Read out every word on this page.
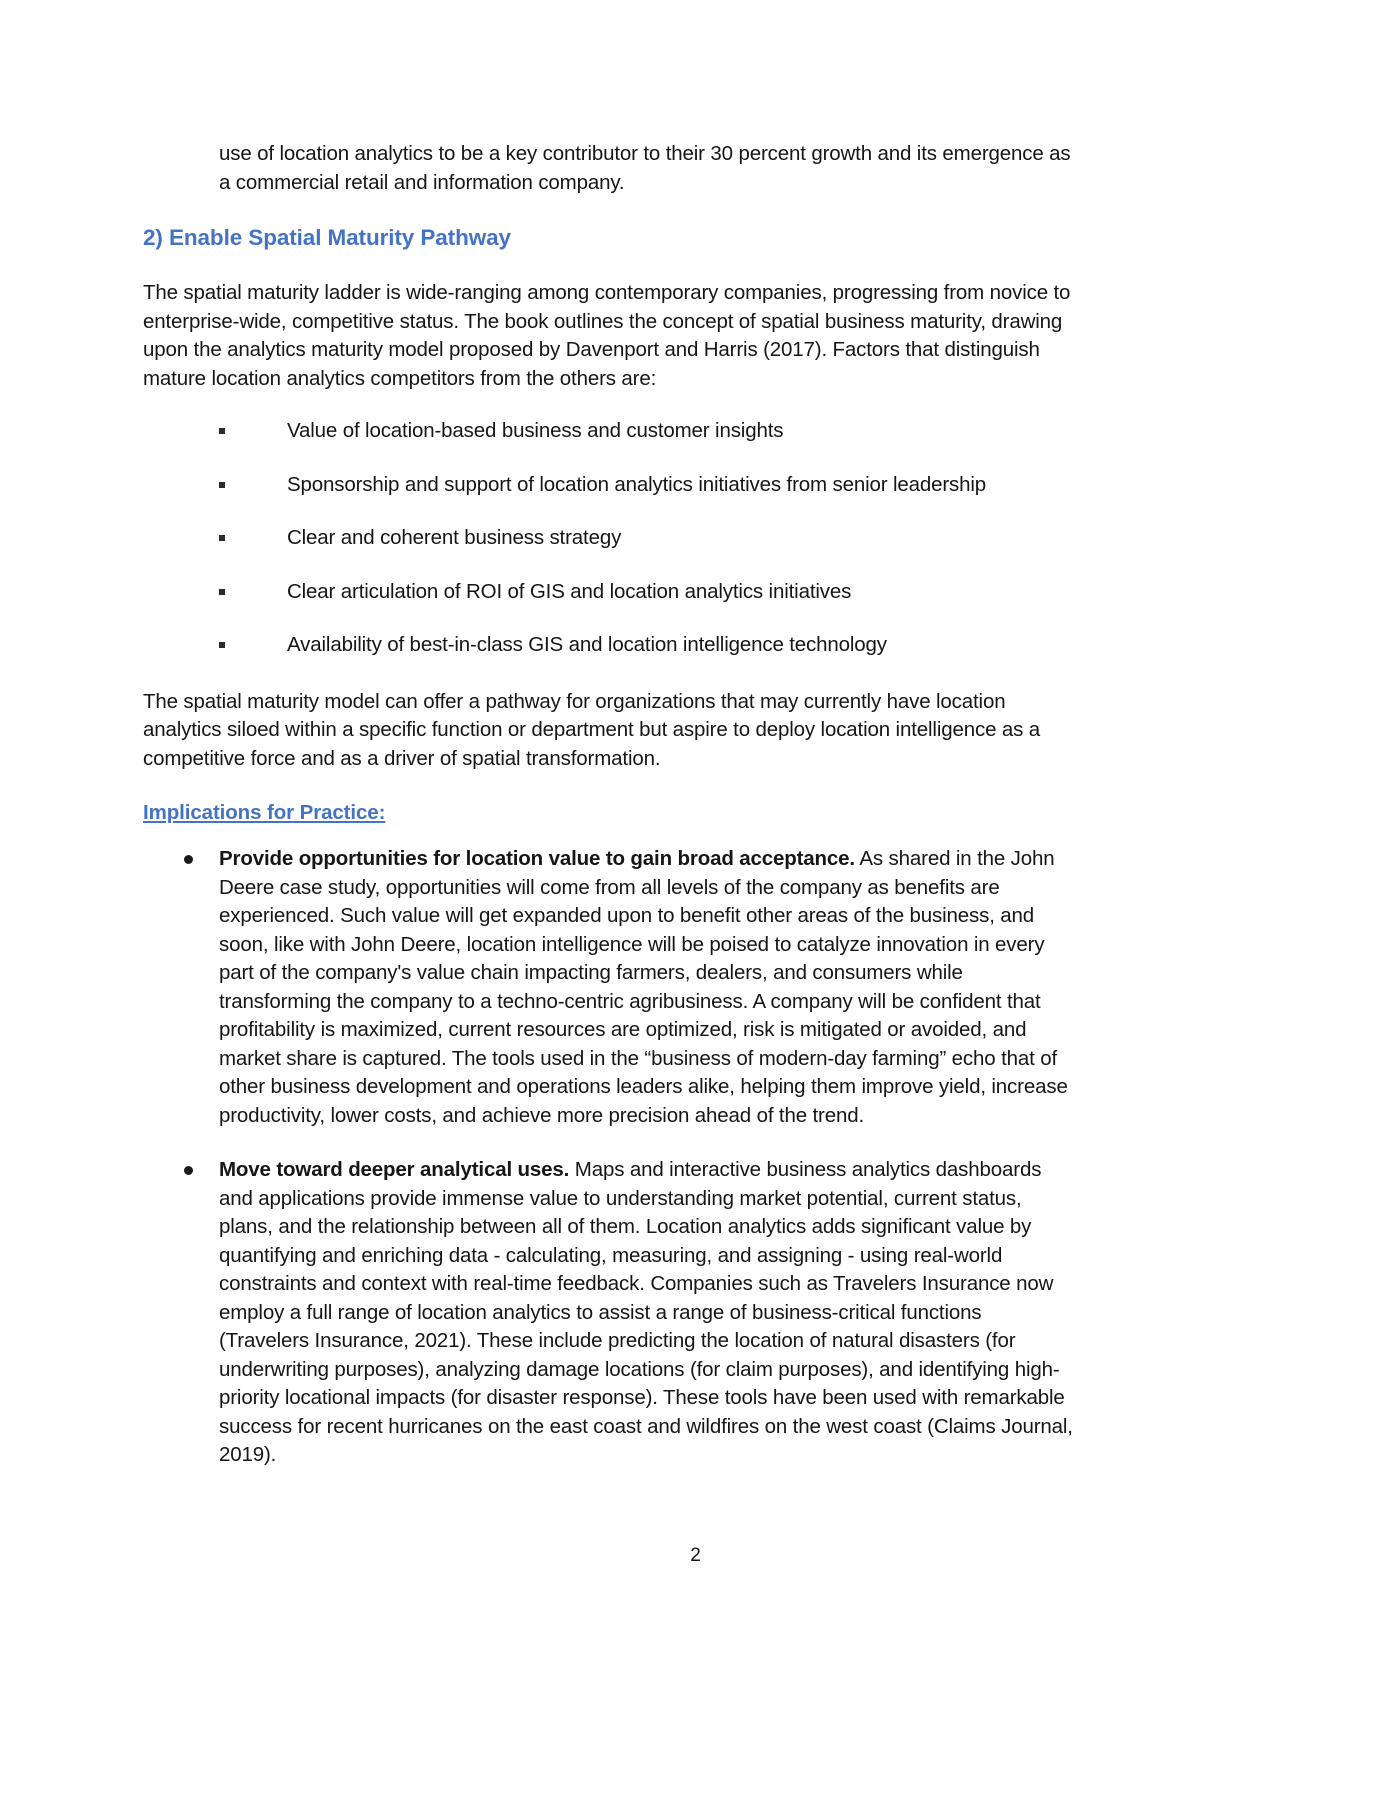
use of location analytics to be a key contributor to their 30 percent growth and its emergence as a commercial retail and information company.

2) Enable Spatial Maturity Pathway

The spatial maturity ladder is wide-ranging among contemporary companies, progressing from novice to enterprise-wide, competitive status. The book outlines the concept of spatial business maturity, drawing upon the analytics maturity model proposed by Davenport and Harris (2017). Factors that distinguish mature location analytics competitors from the others are:

Value of location-based business and customer insights
Sponsorship and support of location analytics initiatives from senior leadership
Clear and coherent business strategy
Clear articulation of ROI of GIS and location analytics initiatives
Availability of best-in-class GIS and location intelligence technology

The spatial maturity model can offer a pathway for organizations that may currently have location analytics siloed within a specific function or department but aspire to deploy location intelligence as a competitive force and as a driver of spatial transformation.

Implications for Practice:
Provide opportunities for location value to gain broad acceptance. As shared in the John Deere case study, opportunities will come from all levels of the company as benefits are experienced. Such value will get expanded upon to benefit other areas of the business, and soon, like with John Deere, location intelligence will be poised to catalyze innovation in every part of the company's value chain impacting farmers, dealers, and consumers while transforming the company to a techno-centric agribusiness. A company will be confident that profitability is maximized, current resources are optimized, risk is mitigated or avoided, and market share is captured. The tools used in the “business of modern-day farming” echo that of other business development and operations leaders alike, helping them improve yield, increase productivity, lower costs, and achieve more precision ahead of the trend.
Move toward deeper analytical uses. Maps and interactive business analytics dashboards and applications provide immense value to understanding market potential, current status, plans, and the relationship between all of them. Location analytics adds significant value by quantifying and enriching data - calculating, measuring, and assigning - using real-world constraints and context with real-time feedback. Companies such as Travelers Insurance now employ a full range of location analytics to assist a range of business-critical functions (Travelers Insurance, 2021). These include predicting the location of natural disasters (for underwriting purposes), analyzing damage locations (for claim purposes), and identifying high-priority locational impacts (for disaster response). These tools have been used with remarkable success for recent hurricanes on the east coast and wildfires on the west coast (Claims Journal, 2019).
2
